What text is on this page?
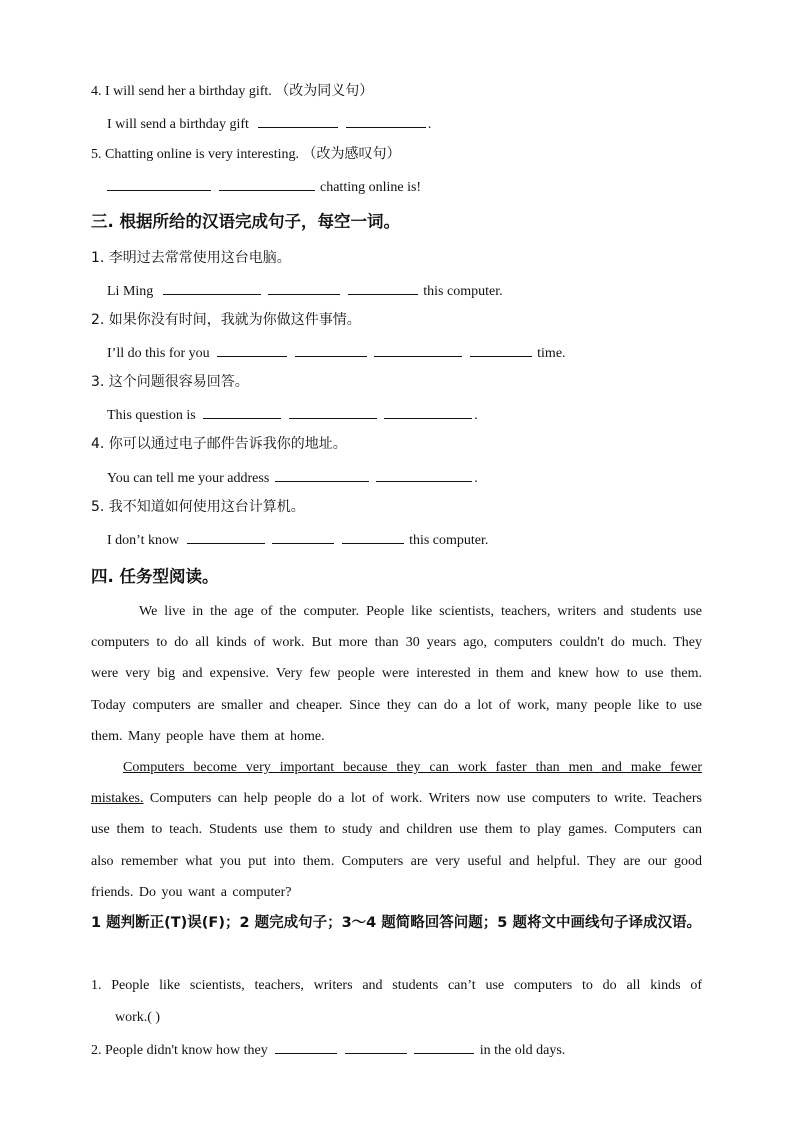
4. I will send her a birthday gift. （改为同义句）
I will send a birthday gift	.
5. Chatting online is very interesting. （改为感叹句）
chatting online is!
三. 根据所给的汉语完成句子，每空一词。
1. 李明过去常常使用这台电脑。
Li Ming	this computer.
2. 如果你没有时间，我就为你做这件事情。
I’ll do this for you	time.
3. 这个问题很容易回答。
This question is	.
4. 你可以通过电子邮件告诉我你的地址。
You can tell me your address	.
5. 我不知道如何使用这台计算机。
I don’t know	this computer.
四. 任务型阅读。

We live in the age of the computer. People like scientists, teachers, writers and students use computers to do all kinds of work. But more than 30 years ago, computers couldn't do much. They were very big and expensive. Very few people were interested in them and knew how to use them. Today computers are smaller and cheaper. Since they can do a lot of work, many people like to use them. Many people have them at home.

Computers become very important because they can work faster than men and make fewer mistakes. Computers can help people do a lot of work. Writers now use computers to write. Teachers use them to teach. Students use them to study and children use them to play games. Computers can also remember what you put into them. Computers are very useful and helpful. They are our good friends. Do you want a computer?

1 题判断正(T)误(F)；2 题完成句子；3～4 题简略回答问题；5 题将文中画线句子译成汉语。
1. People like scientists, teachers, writers and students can’t use computers to do all kinds of
work.( )
2. People didn't know how they	in the old days.
